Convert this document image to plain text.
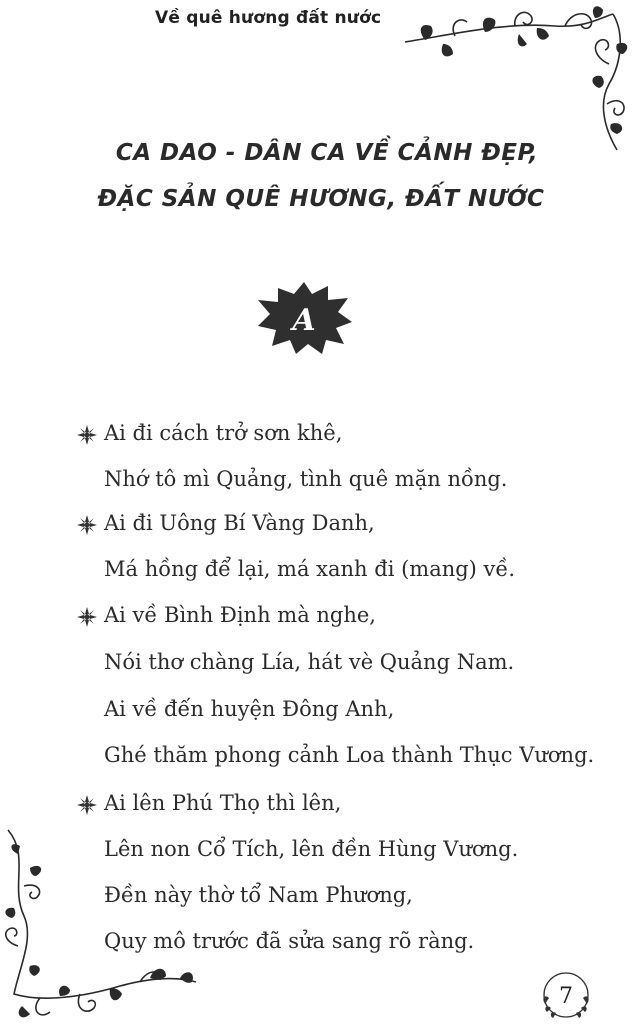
Về quê hương đất nước
CA DAO - DÂN CA VỀ CẢNH ĐẸP,
ĐẶC SẢN QUÊ HƯƠNG, ĐẤT NƯỚC
A
Ai đi cách trở sơn khê,
Nhớ tô mì Quảng, tình quê mặn nồng.
Ai đi Uông Bí Vàng Danh,
Má hồng để lại, má xanh đi (mang) về.
Ai về Bình Định mà nghe,
Nói thơ chàng Lía, hát vè Quảng Nam.
Ai về đến huyện Đông Anh,
Ghé thăm phong cảnh Loa thành Thục Vương.
Ai lên Phú Thọ thì lên,
Lên non Cổ Tích, lên đền Hùng Vương.
Đền này thờ tổ Nam Phương,
Quy mô trước đã sửa sang rõ ràng.
7
